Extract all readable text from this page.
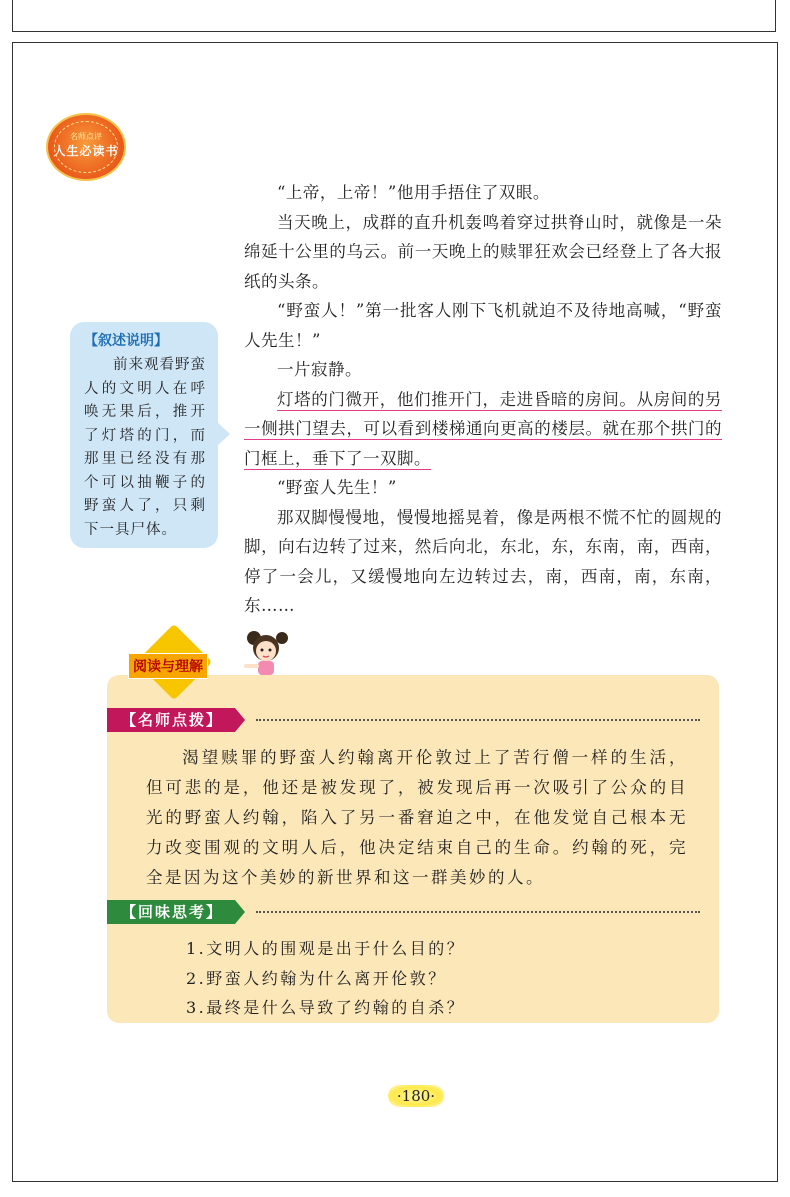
名师点评
人生必读书

“上帝，上帝！”他用手捂住了双眼。

当天晚上，成群的直升机轰鸣着穿过拱脊山时，就像是一朵绵延十公里的乌云。前一天晚上的赎罪狂欢会已经登上了各大报纸的头条。

“野蛮人！”第一批客人刚下飞机就迫不及待地高喊，“野蛮人先生！”

一片寂静。

灯塔的门微开，他们推开门，走进昏暗的房间。从房间的另一侧拱门望去，可以看到楼梯通向更高的楼层。就在那个拱门的门框上，垂下了一双脚。

“野蛮人先生！”

那双脚慢慢地，慢慢地摇晃着，像是两根不慌不忙的圆规的脚，向右边转了过来，然后向北，东北，东，东南，南，西南，停了一会儿，又缓慢地向左边转过去，南，西南，南，东南，东……

【叙述说明】
前来观看野蛮人的文明人在呼唤无果后，推开了灯塔的门，而那里已经没有那个可以抽鞭子的野蛮人了，只剩下一具尸体。
阅读与理解
【名师点拨】

渴望赎罪的野蛮人约翰离开伦敦过上了苦行僧一样的生活，但可悲的是，他还是被发现了，被发现后再一次吸引了公众的目光的野蛮人约翰，陷入了另一番窘迫之中，在他发觉自己根本无力改变围观的文明人后，他决定结束自己的生命。约翰的死，完全是因为这个美妙的新世界和这一群美妙的人。

【回味思考】
1.文明人的围观是出于什么目的？
2.野蛮人约翰为什么离开伦敦？
3.最终是什么导致了约翰的自杀？
·180·
